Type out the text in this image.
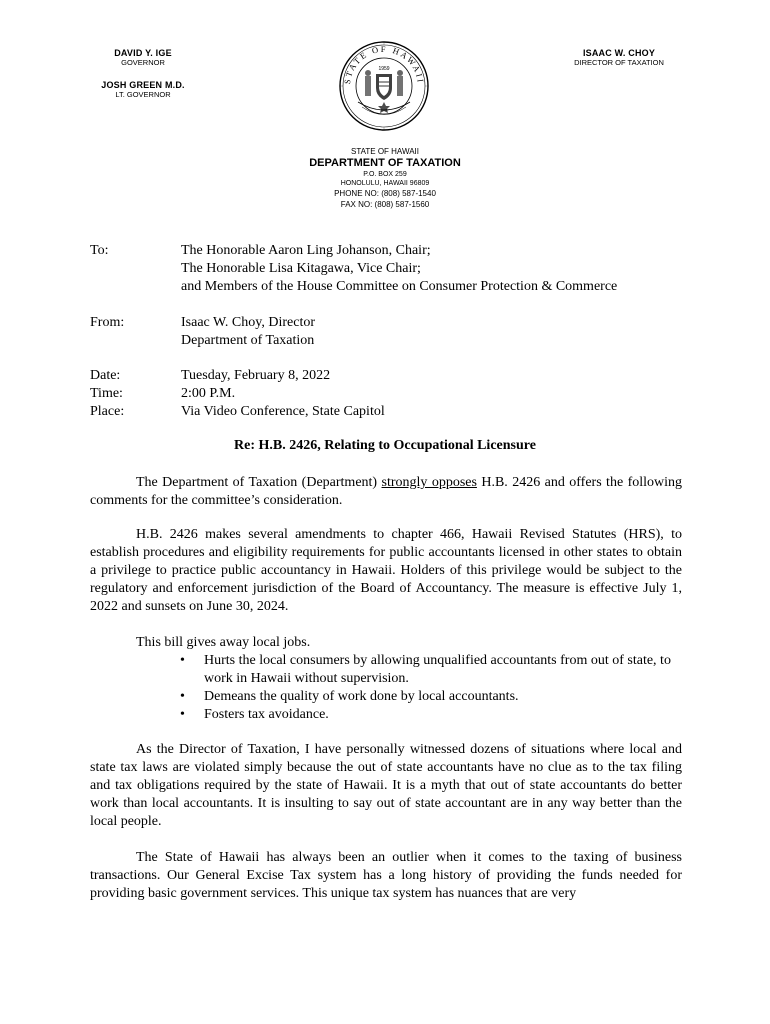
DAVID Y. IGE
GOVERNOR
JOSH GREEN M.D.
LT. GOVERNOR
ISAAC W. CHOY
DIRECTOR OF TAXATION
STATE OF HAWAII
1959
STATE OF HAWAII
DEPARTMENT OF TAXATION
P.O. BOX 259
HONOLULU, HAWAII 96809
PHONE NO: (808) 587-1540
FAX NO: (808) 587-1560
To:	The Honorable Aaron Ling Johanson, Chair;
The Honorable Lisa Kitagawa, Vice Chair;
and Members of the House Committee on Consumer Protection & Commerce
From:	Isaac W. Choy, Director
Department of Taxation
Date:	Tuesday, February 8, 2022
Time:	2:00 P.M.
Place:	Via Video Conference, State Capitol
Re: H.B. 2426, Relating to Occupational Licensure

The Department of Taxation (Department) strongly opposes H.B. 2426 and offers the following comments for the committee’s consideration.

H.B. 2426 makes several amendments to chapter 466, Hawaii Revised Statutes (HRS), to establish procedures and eligibility requirements for public accountants licensed in other states to obtain a privilege to practice public accountancy in Hawaii. Holders of this privilege would be subject to the regulatory and enforcement jurisdiction of the Board of Accountancy. The measure is effective July 1, 2022 and sunsets on June 30, 2024.

This bill gives away local jobs.

• Hurts the local consumers by allowing unqualified accountants from out of state, to work in Hawaii without supervision.
• Demeans the quality of work done by local accountants.
• Fosters tax avoidance.

As the Director of Taxation, I have personally witnessed dozens of situations where local and state tax laws are violated simply because the out of state accountants have no clue as to the tax filing and tax obligations required by the state of Hawaii. It is a myth that out of state accountants do better work than local accountants. It is insulting to say out of state accountant are in any way better than the local people.

The State of Hawaii has always been an outlier when it comes to the taxing of business transactions. Our General Excise Tax system has a long history of providing the funds needed for providing basic government services. This unique tax system has nuances that are very
